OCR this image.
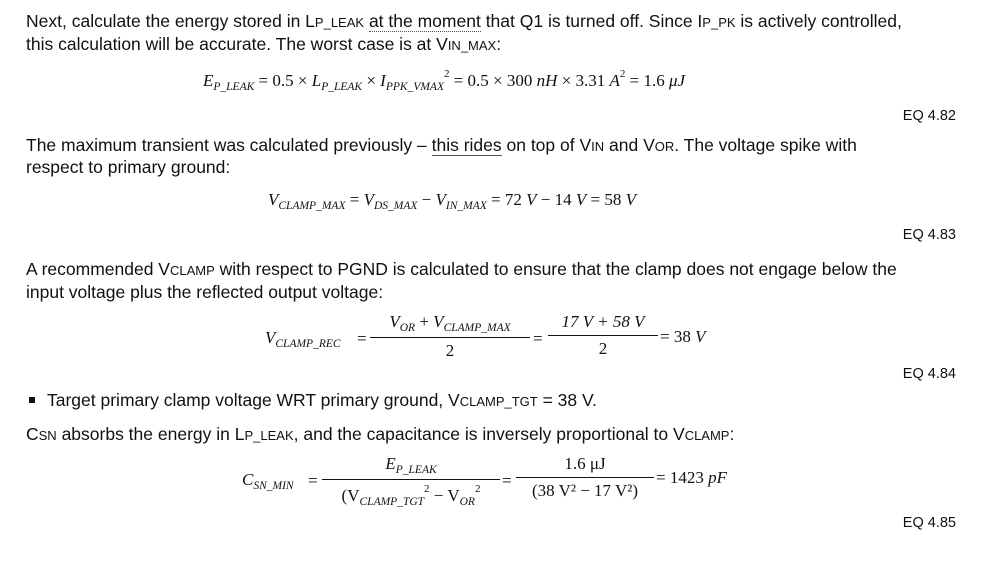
Next, calculate the energy stored in LP_LEAK at the moment that Q1 is turned off. Since IP_PK is actively controlled,
this calculation will be accurate. The worst case is at VIN_MAX:
$E_{P\_LEAK} = 0.5 \times L_{P\_LEAK} \times I_{PPK\_VMAX}^2 = 0.5 \times 300$ nH × 3.31 $A^2 = 1.6$ μJ
EQ 4.82
The maximum transient was calculated previously – this rides on top of VIN and VOR. The voltage spike with
respect to primary ground:
$V_{CLAMP\_MAX} = V_{DS\_MAX} - V_{IN\_MAX} = 72$ V − 14 V = 58 V
EQ 4.83
A recommended VCLAMP with respect to PGND is calculated to ensure that the clamp does not engage below the
input voltage plus the reflected output voltage:
$V_{CLAMP\_REC}$ =
$V_{OR} + V_{CLAMP\_MAX}$
2
= $\frac{17 V + 58 V}{2} = 38$ V
EQ 4.84
Target primary clamp voltage WRT primary ground, VCLAMP_TGT = 38 V.
CSN absorbs the energy in LP_LEAK, and the capacitance is inversely proportional to VCLAMP:
$C_{SN\_MIN}$ =
$E_{P\_LEAK}$
($V_{CLAMP\_TGT}^2 - V_{OR}^2$	= $\frac{1.6 \mu J}{\text{(38 V² − 17 V²)}} = 1423$ pF
EQ 4.85
